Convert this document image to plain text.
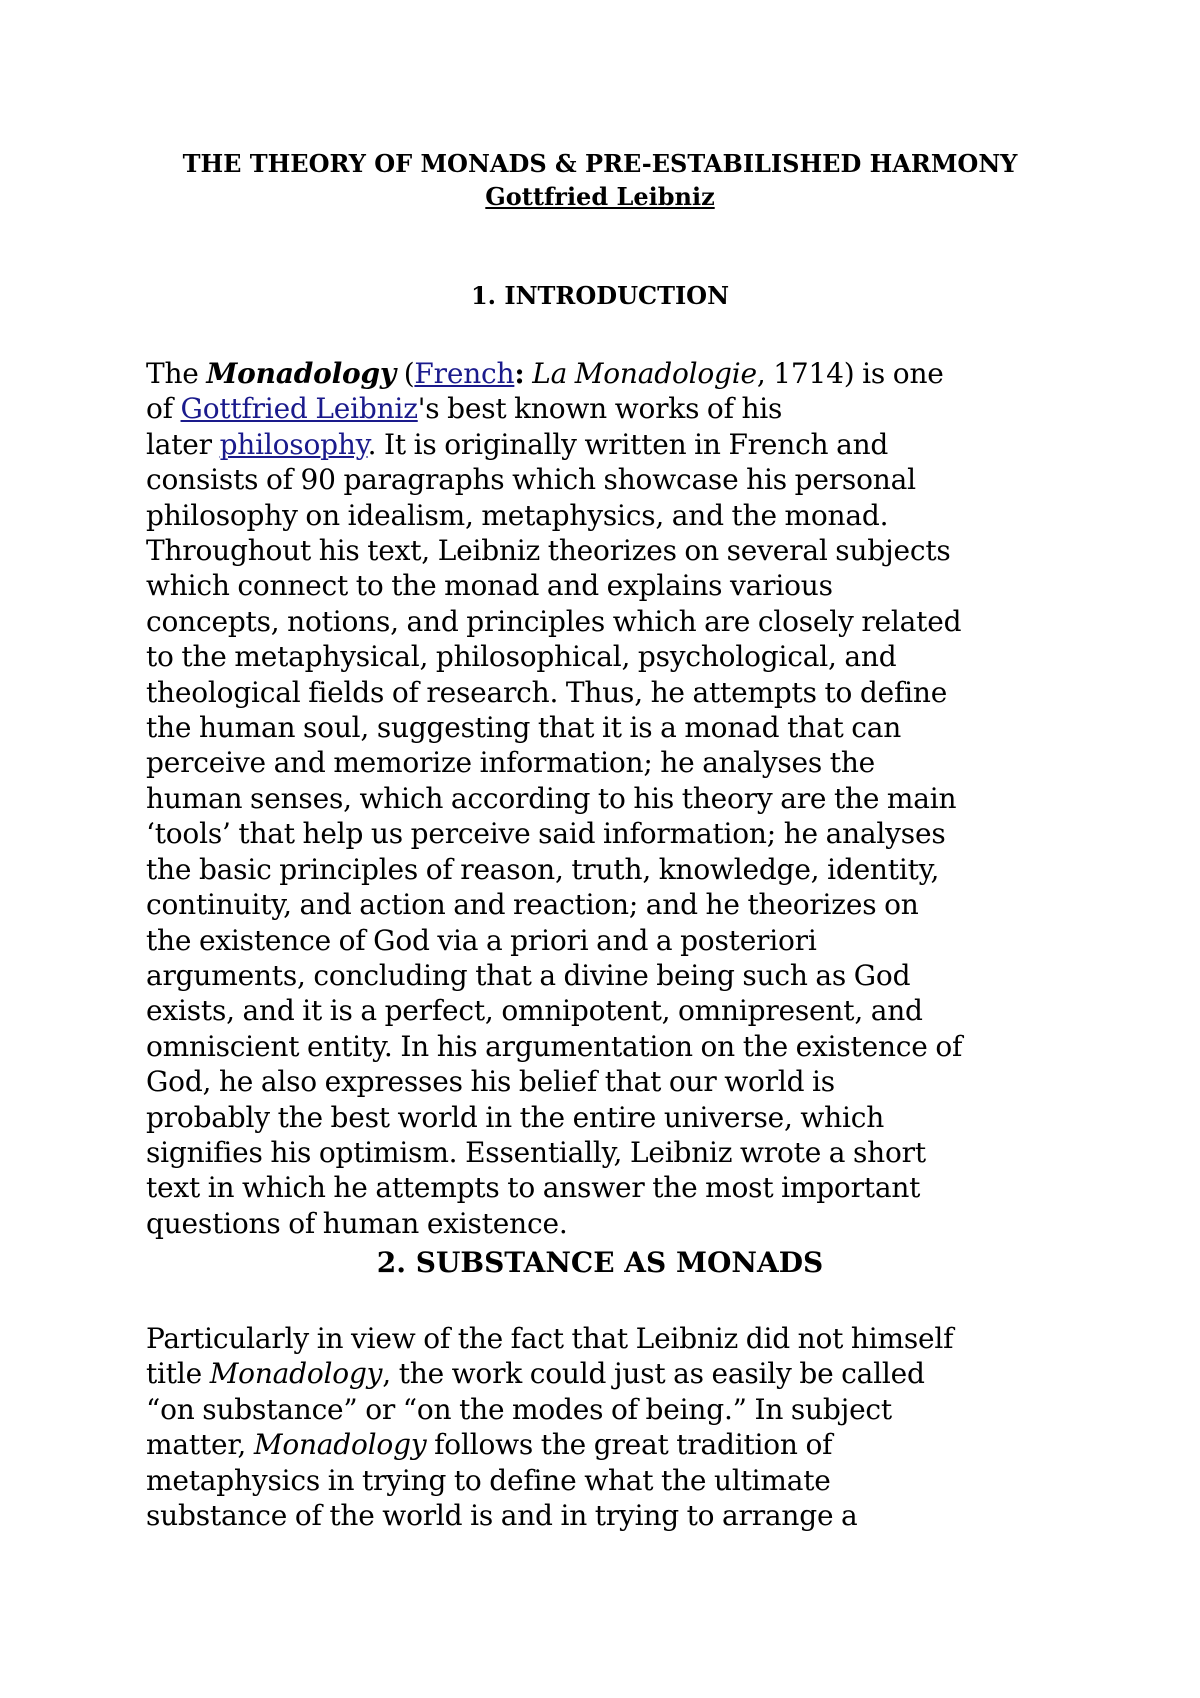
THE THEORY OF MONADS & PRE-ESTABILISHED HARMONY
Gottfried Leibniz
1. INTRODUCTION
The Monadology (French: La Monadologie, 1714) is one
of Gottfried Leibniz's best known works of his
later philosophy. It is originally written in French and
consists of 90 paragraphs which showcase his personal
philosophy on idealism, metaphysics, and the monad.
Throughout his text, Leibniz theorizes on several subjects
which connect to the monad and explains various
concepts, notions, and principles which are closely related
to the metaphysical, philosophical, psychological, and
theological fields of research. Thus, he attempts to define
the human soul, suggesting that it is a monad that can
perceive and memorize information; he analyses the
human senses, which according to his theory are the main
‘tools’ that help us perceive said information; he analyses
the basic principles of reason, truth, knowledge, identity,
continuity, and action and reaction; and he theorizes on
the existence of God via a priori and a posteriori
arguments, concluding that a divine being such as God
exists, and it is a perfect, omnipotent, omnipresent, and
omniscient entity. In his argumentation on the existence of
God, he also expresses his belief that our world is
probably the best world in the entire universe, which
signifies his optimism. Essentially, Leibniz wrote a short
text in which he attempts to answer the most important
questions of human existence.
2. SUBSTANCE AS MONADS
Particularly in view of the fact that Leibniz did not himself
title Monadology, the work could just as easily be called
“on substance” or “on the modes of being.” In subject
matter, Monadology follows the great tradition of
metaphysics in trying to define what the ultimate
substance of the world is and in trying to arrange a
